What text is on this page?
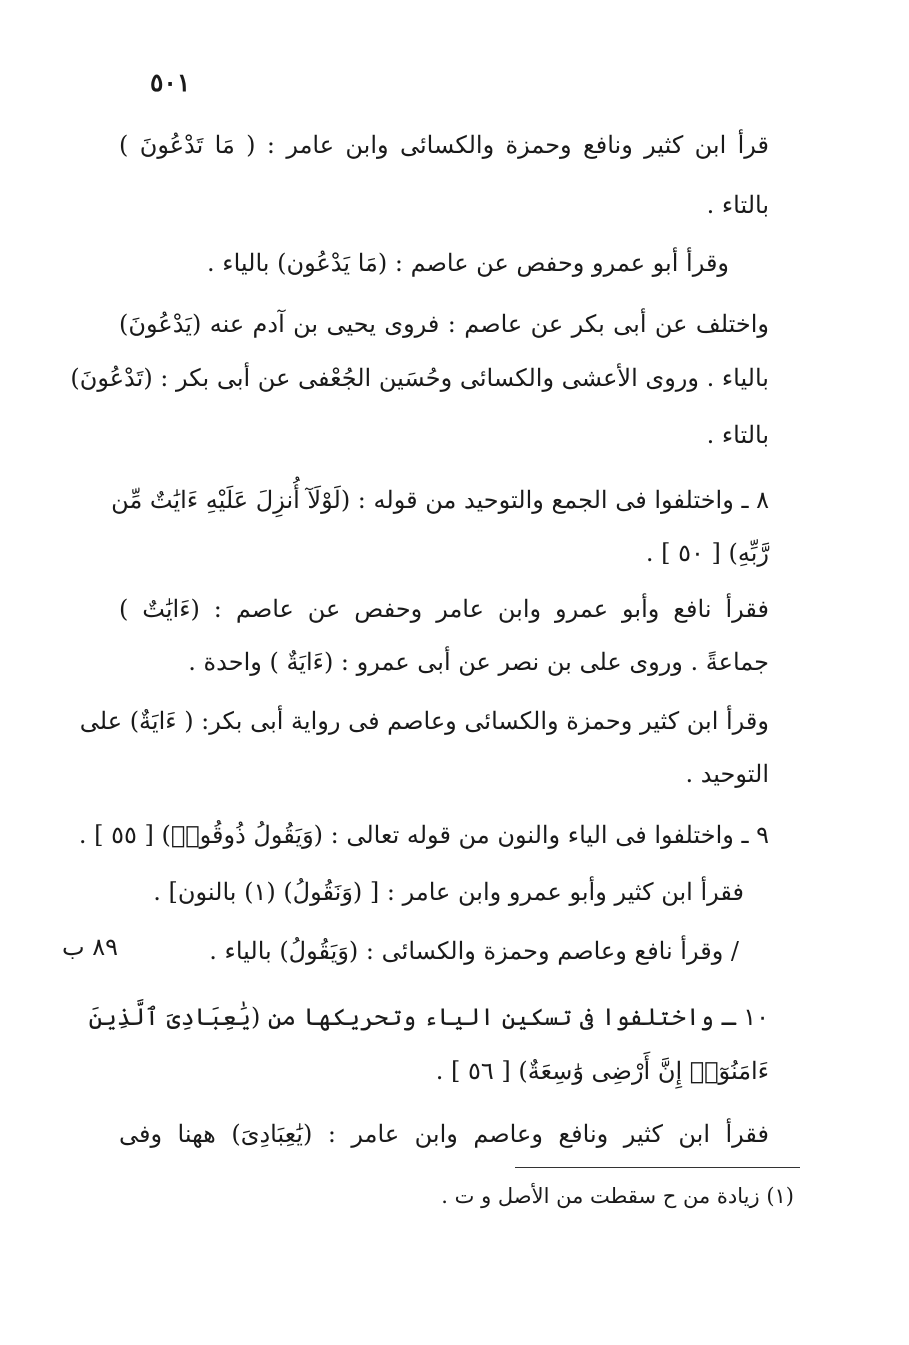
٥٠١
قرأ ابن كثير ونافع وحمزة والكسائى وابن عامر : ( مَا تَدْعُونَ )
بالتاء .
وقرأ أبو عمرو وحفص عن عاصم : (مَا يَدْعُون) بالياء .
واختلف عن أبى بكر عن عاصم : فروى يحيى بن آدم عنه (يَدْعُونَ)
بالياء . وروى الأعشى والكسائى وحُسَين الجُعْفى عن أبى بكر : (تَدْعُونَ)
بالتاء .
٨ ـ واختلفوا فى الجمع والتوحيد من قوله : (لَوْلَآ أُنزِلَ عَلَيْهِ ءَايَٰتٌ مِّن
رَّبِّهِ) [ ٥٠ ] .
فقرأ نافع وأبو عمرو وابن عامر وحفص عن عاصم : (ءَايَٰتٌ )
جماعةً . وروى على بن نصر عن أبى عمرو : (ءَايَةٌ ) واحدة .
وقرأ ابن كثير وحمزة والكسائى وعاصم فى رواية أبى بكر: ( ءَايَةٌ) على
التوحيد .
٩ ـ واختلفوا فى الياء والنون من قوله تعالى : (وَيَقُولُ ذُوقُوا۟) [ ٥٥ ] .
فقرأ ابن كثير وأبو عمرو وابن عامر : [ (وَنَقُولُ) (١) بالنون] .
/ وقرأ نافع وعاصم وحمزة والكسائى : (وَيَقُولُ) بالياء .
٨٩ ب
١٠ ـ واختلفوا فى تسكين الياء وتحريكها من (يَٰعِبَادِىَ ٱلَّذِينَ
ءَامَنُوٓا۟ إِنَّ أَرْضِى وَٰسِعَةٌ) [ ٥٦ ] .
فقرأ ابن كثير ونافع وعاصم وابن عامر : (يَٰعِبَادِىَ) ههنا وفى
(١) زيادة من ح سقطت من الأصل و ت .
